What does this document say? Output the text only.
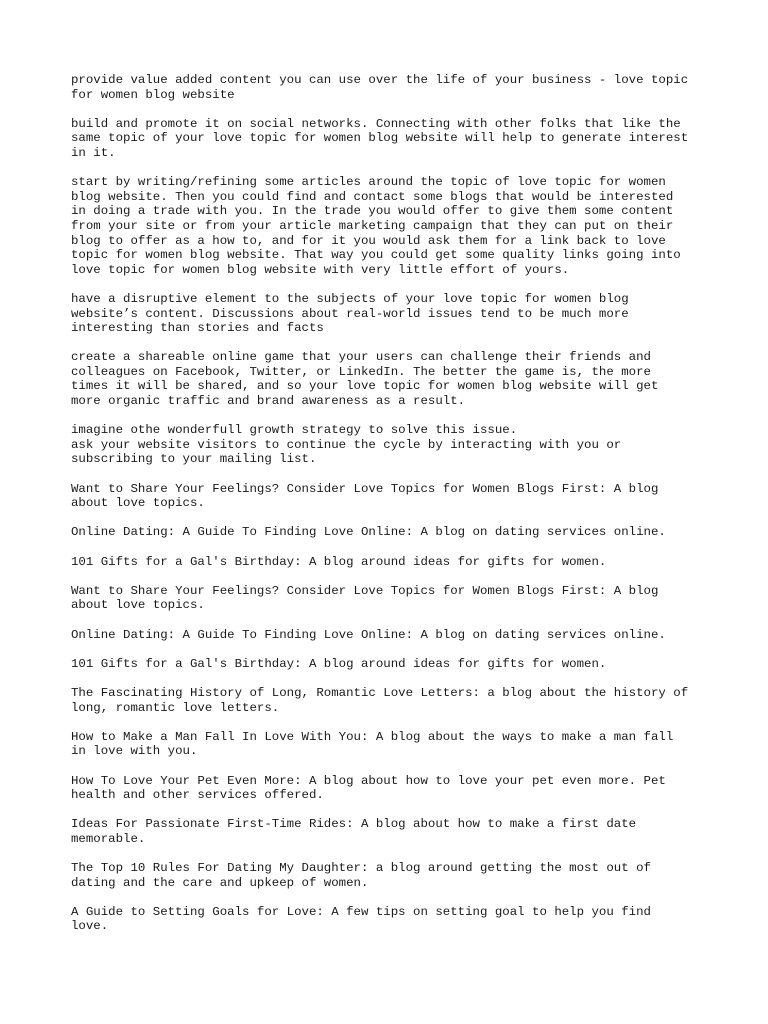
provide value added content you can use over the life of your business - love topic
for women blog website

build and promote it on social networks. Connecting with other folks that like the
same topic of your love topic for women blog website will help to generate interest
in it.

start by writing/refining some articles around the topic of love topic for women
blog website. Then you could find and contact some blogs that would be interested
in doing a trade with you. In the trade you would offer to give them some content
from your site or from your article marketing campaign that they can put on their
blog to offer as a how to, and for it you would ask them for a link back to love
topic for women blog website. That way you could get some quality links going into
love topic for women blog website with very little effort of yours.

have a disruptive element to the subjects of your love topic for women blog
website’s content. Discussions about real-world issues tend to be much more
interesting than stories and facts

create a shareable online game that your users can challenge their friends and
colleagues on Facebook, Twitter, or LinkedIn. The better the game is, the more
times it will be shared, and so your love topic for women blog website will get
more organic traffic and brand awareness as a result.

imagine othe wonderfull growth strategy to solve this issue.
ask your website visitors to continue the cycle by interacting with you or
subscribing to your mailing list.

Want to Share Your Feelings? Consider Love Topics for Women Blogs First: A blog
about love topics.

Online Dating: A Guide To Finding Love Online: A blog on dating services online.

101 Gifts for a Gal's Birthday: A blog around ideas for gifts for women.

Want to Share Your Feelings? Consider Love Topics for Women Blogs First: A blog
about love topics.

Online Dating: A Guide To Finding Love Online: A blog on dating services online.

101 Gifts for a Gal's Birthday: A blog around ideas for gifts for women.

The Fascinating History of Long, Romantic Love Letters: a blog about the history of
long, romantic love letters.

How to Make a Man Fall In Love With You: A blog about the ways to make a man fall
in love with you.

How To Love Your Pet Even More: A blog about how to love your pet even more. Pet
health and other services offered.

Ideas For Passionate First-Time Rides: A blog about how to make a first date
memorable.

The Top 10 Rules For Dating My Daughter: a blog around getting the most out of
dating and the care and upkeep of women.

A Guide to Setting Goals for Love: A few tips on setting goal to help you find
love.
